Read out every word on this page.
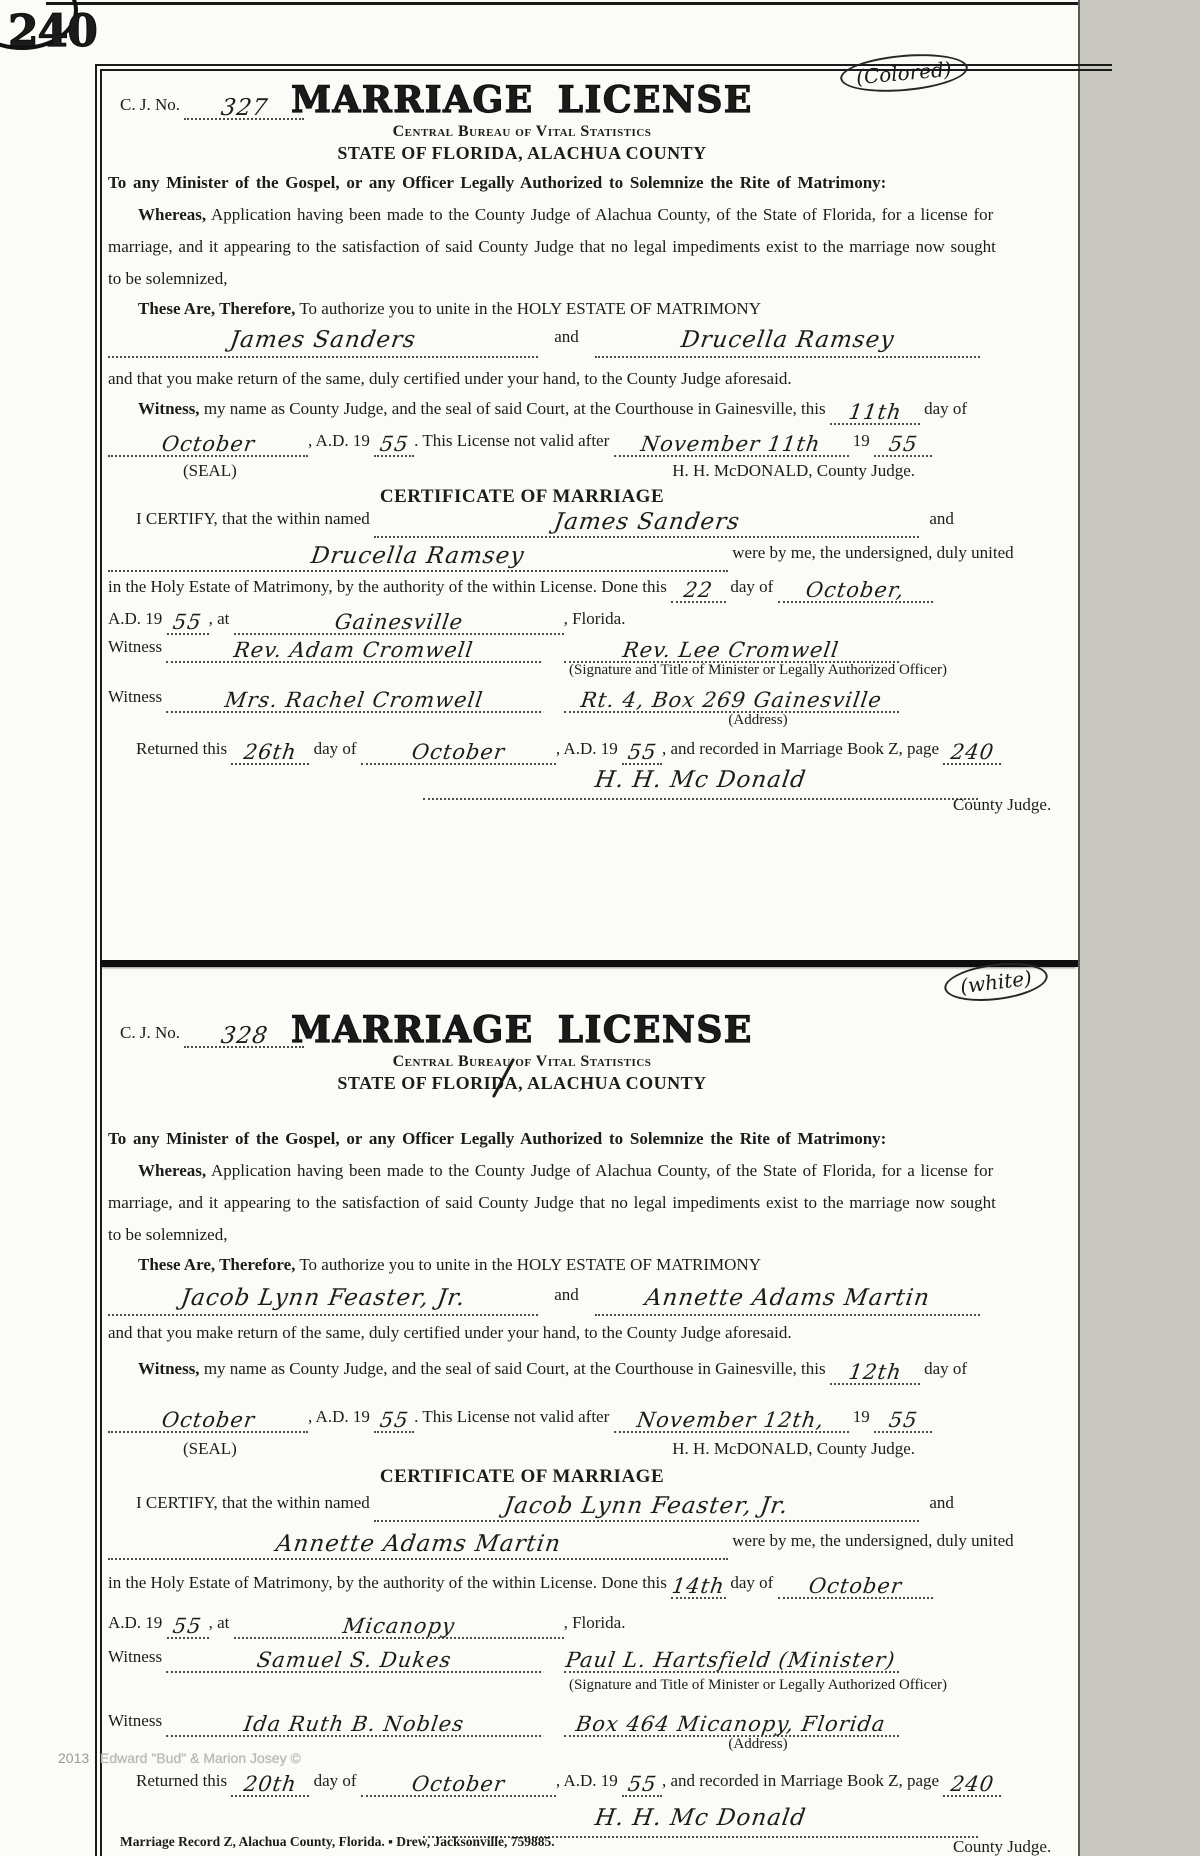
240
(Colored)
(white)
MARRIAGE LICENSE
C. J. No. 327
Central Bureau of Vital Statistics
STATE OF FLORIDA, ALACHUA COUNTY
To any Minister of the Gospel, or any Officer Legally Authorized to Solemnize the Rite of Matrimony:
Whereas, Application having been made to the County Judge of Alachua County, of the State of Florida, for a license for
marriage, and it appearing to the satisfaction of said County Judge that no legal impediments exist to the marriage now sought
to be solemnized,
These Are, Therefore, To authorize you to unite in the HOLY ESTATE OF MATRIMONY
James Sanders	and	Drucella Ramsey
and that you make return of the same, duly certified under your hand, to the County Judge aforesaid.
Witness, my name as County Judge, and the seal of said Court, at the Courthouse in Gainesville, this 11th day of
October	, A.D. 19 55 . This License not valid after November 11th 19 55
(SEAL)	H. H. McDONALD, County Judge.
CERTIFICATE OF MARRIAGE
I CERTIFY, that the within named	James Sanders	and
Drucella Ramsey	were by me, the undersigned, duly united
in the Holy Estate of Matrimony, by the authority of the within License. Done this 22 day of October,
A.D. 19 55 , at	Gainesville	, Florida.
Witness	Rev. Adam Cromwell	Rev. Lee Cromwell
(Signature and Title of Minister or Legally Authorized Officer)
Witness	Mrs. Rachel Cromwell	Rt. 4, Box 269 Gainesville
(Address)
Returned this 26th day of	October	, A.D. 19 55 , and recorded in Marriage Book Z, page 240
H. H. Mc Donald
County Judge.
MARRIAGE LICENSE
C. J. No. 328
Central Bureau of Vital Statistics
STATE OF FLORIDA, ALACHUA COUNTY
To any Minister of the Gospel, or any Officer Legally Authorized to Solemnize the Rite of Matrimony:
Whereas, Application having been made to the County Judge of Alachua County, of the State of Florida, for a license for
marriage, and it appearing to the satisfaction of said County Judge that no legal impediments exist to the marriage now sought
to be solemnized,
These Are, Therefore, To authorize you to unite in the HOLY ESTATE OF MATRIMONY
Jacob Lynn Feaster, Jr.	and	Annette Adams Martin
and that you make return of the same, duly certified under your hand, to the County Judge aforesaid.
Witness, my name as County Judge, and the seal of said Court, at the Courthouse in Gainesville, this 12th day of
October	, A.D. 19 55 . This License not valid after November 12th, 19 55
(SEAL)	H. H. McDONALD, County Judge.
CERTIFICATE OF MARRIAGE
I CERTIFY, that the within named	Jacob Lynn Feaster, Jr.	and
Annette Adams Martin	were by me, the undersigned, duly united
in the Holy Estate of Matrimony, by the authority of the within License. Done this 14th day of October
A.D. 19 55 , at	Micanopy	, Florida.
Witness	Samuel S. Dukes	Paul L. Hartsfield (Minister)
(Signature and Title of Minister or Legally Authorized Officer)
Witness	Ida Ruth B. Nobles	Box 464 Micanopy, Florida
(Address)
Returned this 20th day of	October	, A.D. 19 55 , and recorded in Marriage Book Z, page 240
H. H. Mc Donald
County Judge.
2013 Edward "Bud" & Marion Josey ©
Marriage Record Z, Alachua County, Florida. ▪ Drew, Jacksonville, 759885.
